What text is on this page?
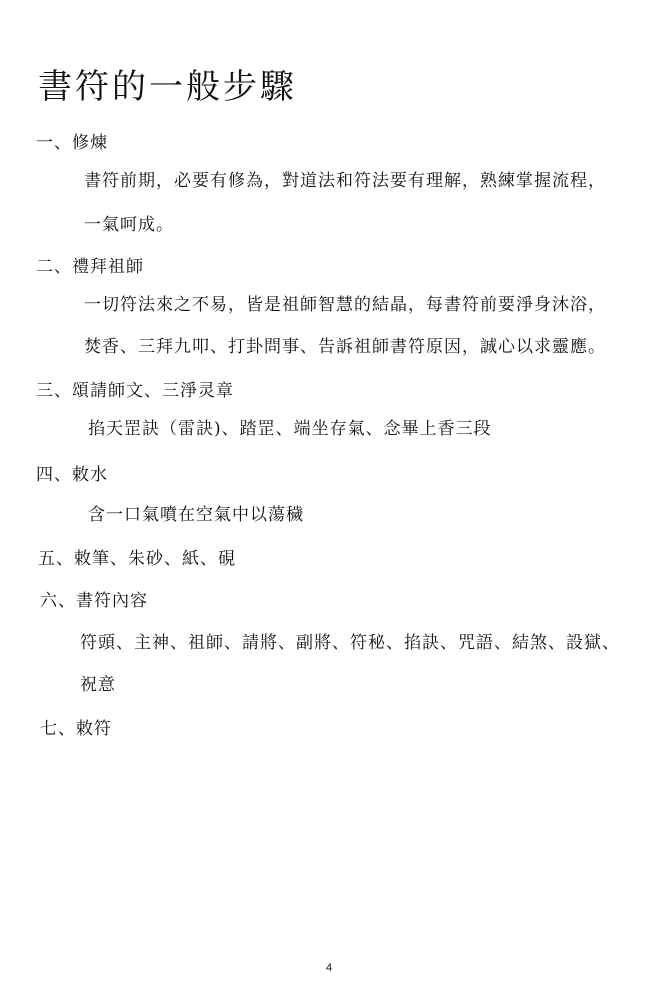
書符的一般步驟
一、修煉
書符前期，必要有修為，對道法和符法要有理解，熟練掌握流程，
一氣呵成。
二、禮拜祖師
一切符法來之不易，皆是祖師智慧的結晶，每書符前要淨身沐浴，
焚香、三拜九叩、打卦問事、告訴祖師書符原因，誠心以求靈應。
三、頌請師文、三淨灵章
掐天罡訣（雷訣)、踏罡、端坐存氣、念畢上香三段
四、敕水
含一口氣噴在空氣中以蕩穢
五、敕筆、朱砂、紙、硯
六、書符內容
符頭、主神、祖師、請將、副將、符秘、掐訣、咒語、結煞、設獄、
祝意
七、敕符
4
